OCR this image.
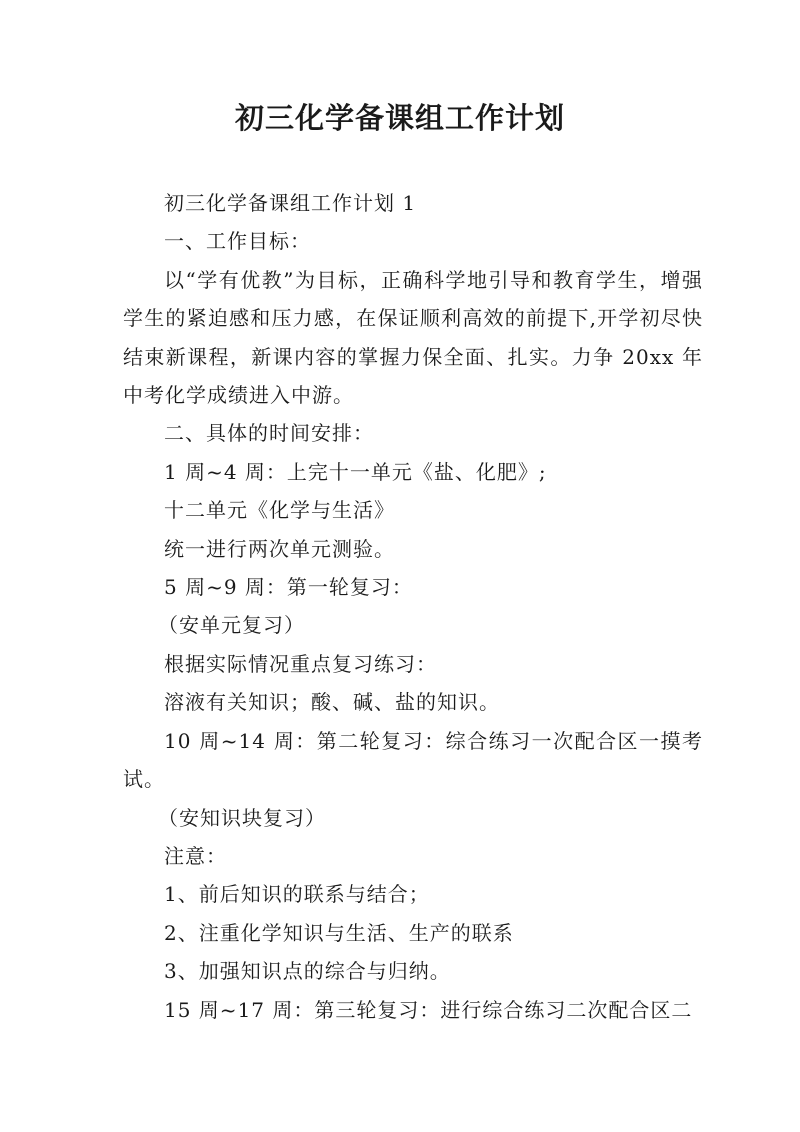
初三化学备课组工作计划

初三化学备课组工作计划 1

一、工作目标：

以“学有优教”为目标，正确科学地引导和教育学生，增强学生的紧迫感和压力感，在保证顺利高效的前提下,开学初尽快结束新课程，新课内容的掌握力保全面、扎实。力争 20xx 年中考化学成绩进入中游。

二、具体的时间安排：

1 周~4 周：上完十一单元《盐、化肥》;

十二单元《化学与生活》

统一进行两次单元测验。

5 周~9 周：第一轮复习：

（安单元复习）

根据实际情况重点复习练习：

溶液有关知识；酸、碱、盐的知识。

10 周~14 周：第二轮复习：综合练习一次配合区一摸考试。

（安知识块复习）

注意：

1、前后知识的联系与结合；

2、注重化学知识与生活、生产的联系

3、加强知识点的综合与归纳。

15 周~17 周：第三轮复习：进行综合练习二次配合区二
